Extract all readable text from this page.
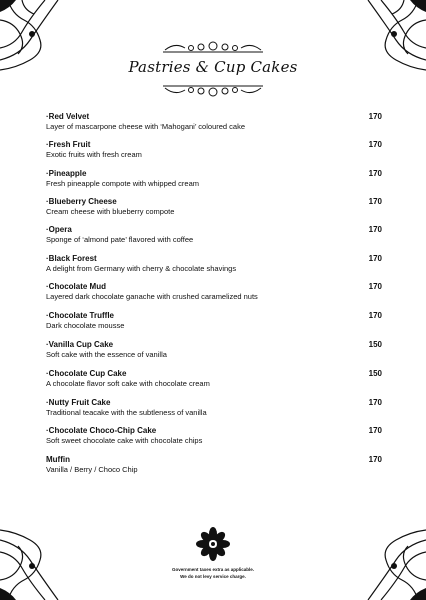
Pastries & Cup Cakes
·Red Velvet
Layer of mascarpone cheese with ‘Mahogani’ coloured cake
170
·Fresh Fruit
Exotic fruits with fresh cream
170
·Pineapple
Fresh pineapple compote with whipped cream
170
·Blueberry Cheese
Cream cheese with blueberry compote
170
·Opera
Sponge of ‘almond pate’ flavored with coffee
170
·Black Forest
A delight from Germany with cherry & chocolate shavings
170
·Chocolate Mud
Layered dark chocolate ganache with crushed caramelized nuts
170
·Chocolate Truffle
Dark chocolate mousse
170
·Vanilla Cup Cake
Soft cake with the essence of vanilla
150
·Chocolate Cup Cake
A chocolate flavor soft cake with chocolate cream
150
·Nutty Fruit Cake
Traditional teacake with the subtleness of vanilla
170
·Chocolate Choco-Chip Cake
Soft sweet chocolate cake with chocolate chips
170
Muffin
Vanilla / Berry / Choco Chip
170
Government taxes extra as applicable.
We do not levy service charge.
